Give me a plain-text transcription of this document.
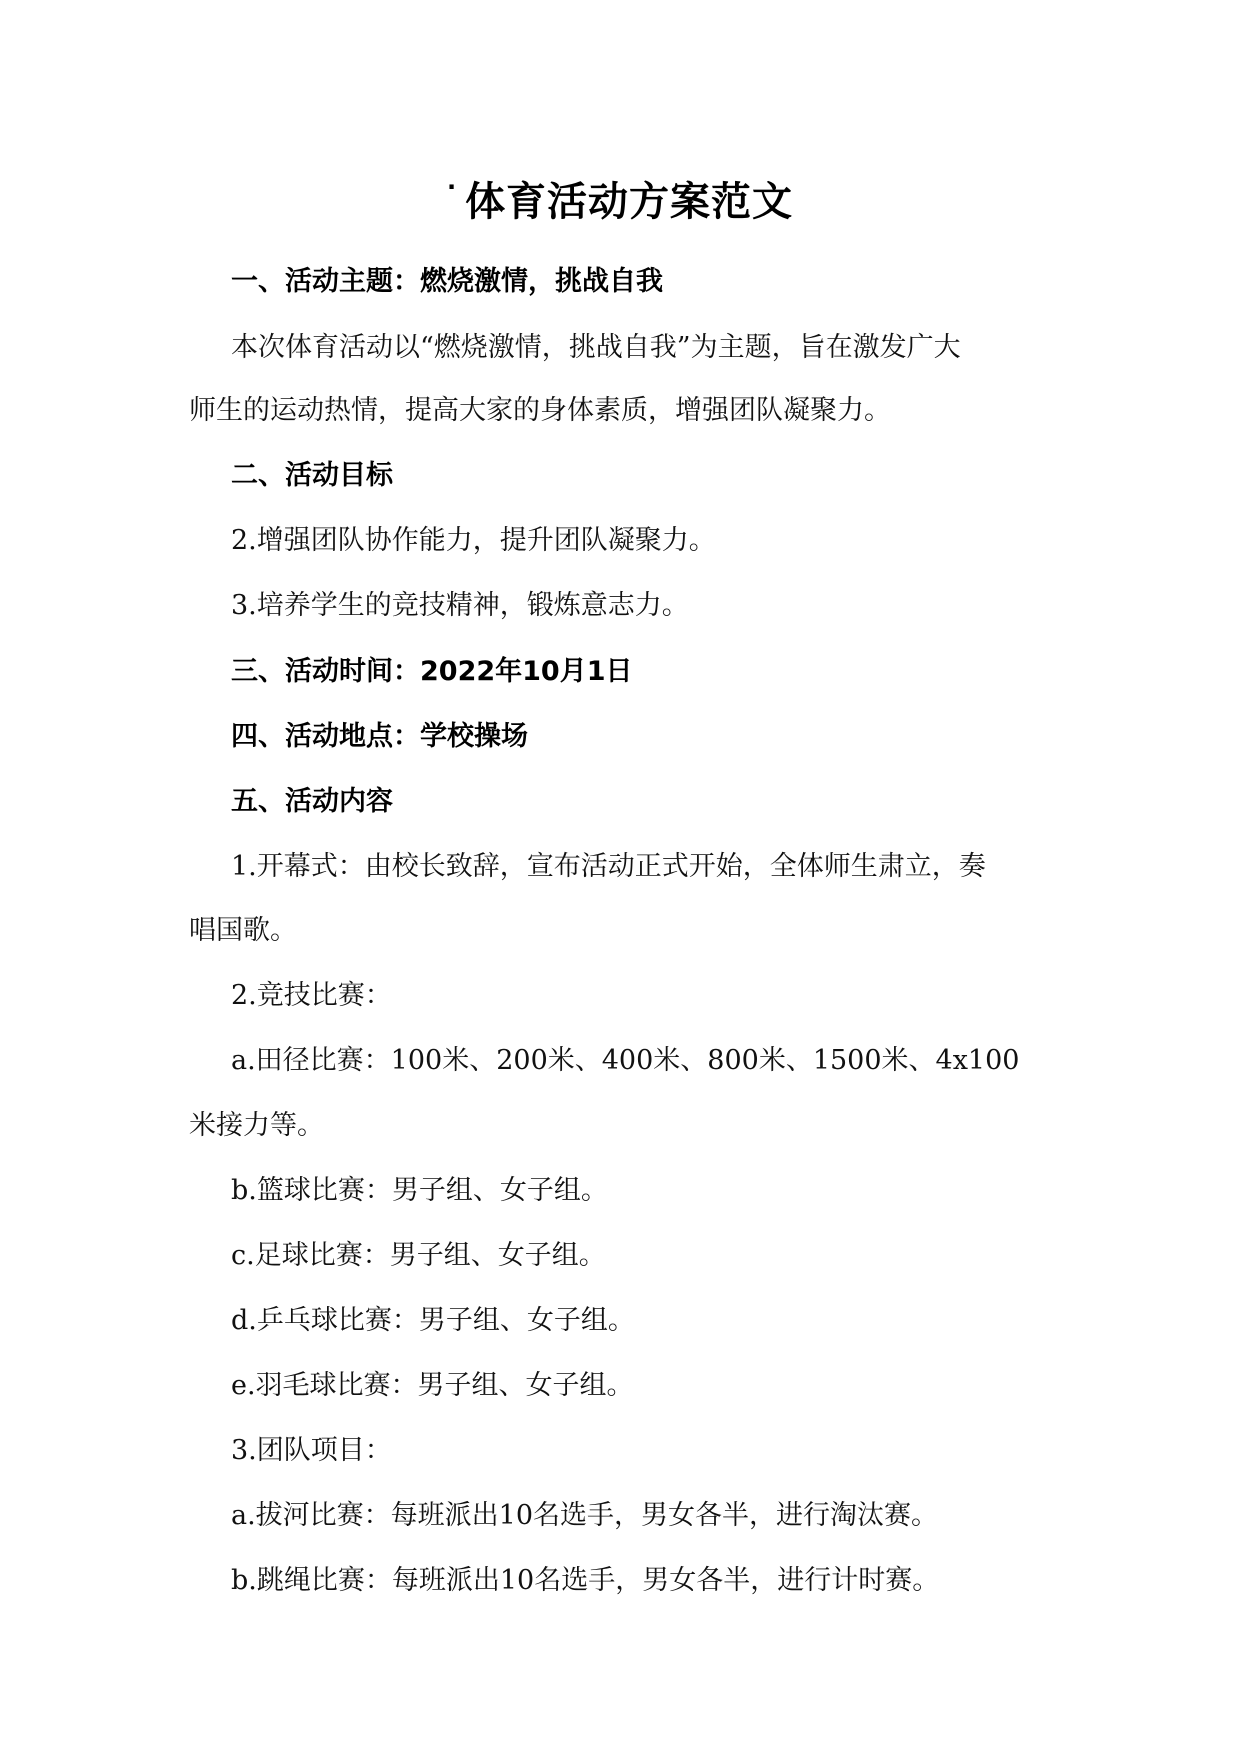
· 体育活动方案范文
一、活动主题：燃烧激情，挑战自我
本次体育活动以“燃烧激情，挑战自我”为主题，旨在激发广大
师生的运动热情，提高大家的身体素质，增强团队凝聚力。
二、活动目标
2.增强团队协作能力，提升团队凝聚力。
3.培养学生的竞技精神，锻炼意志力。
三、活动时间：2022年10月1日
四、活动地点：学校操场
五、活动内容
1.开幕式：由校长致辞，宣布活动正式开始，全体师生肃立，奏
唱国歌。
2.竞技比赛：
a.田径比赛：100米、200米、400米、800米、1500米、4x100
米接力等。
b.篮球比赛：男子组、女子组。
c.足球比赛：男子组、女子组。
d.乒乓球比赛：男子组、女子组。
e.羽毛球比赛：男子组、女子组。
3.团队项目：
a.拔河比赛：每班派出10名选手，男女各半，进行淘汰赛。
b.跳绳比赛：每班派出10名选手，男女各半，进行计时赛。
